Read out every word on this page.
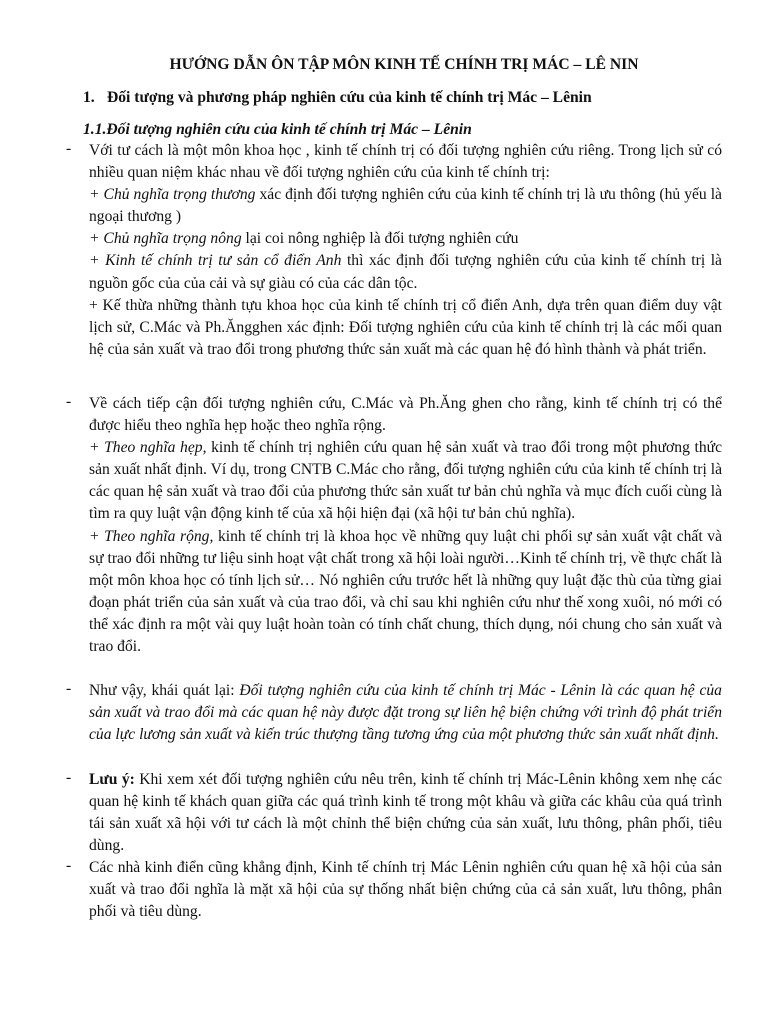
HƯỚNG DẪN ÔN TẬP MÔN KINH TẾ CHÍNH TRỊ MÁC – LÊ NIN
1. Đối tượng và phương pháp nghiên cứu của kinh tế chính trị Mác – Lênin
1.1.Đối tượng nghiên cứu của kinh tế chính trị Mác – Lênin
- Với tư cách là một môn khoa học , kinh tế chính trị có đối tượng nghiên cứu riêng. Trong lịch sử có nhiều quan niệm khác nhau về đối tượng nghiên cứu của kinh tế chính trị:
+ Chủ nghĩa trọng thương xác định đối tượng nghiên cứu của kinh tế chính trị là ưu thông (hủ yếu là ngoại thương )
+ Chủ nghĩa trọng nông lại coi nông nghiệp là đối tượng nghiên cứu
+ Kinh tế chính trị tư sản cổ điển Anh thì xác định đối tượng nghiên cứu của kinh tế chính trị là nguồn gốc của của cải và sự giàu có của các dân tộc.
+ Kế thừa những thành tựu khoa học của kinh tế chính trị cổ điển Anh, dựa trên quan điểm duy vật lịch sử, C.Mác và Ph.Ăngghen xác định: Đối tượng nghiên cứu của kinh tế chính trị là các mối quan hệ của sản xuất và trao đổi trong phương thức sản xuất mà các quan hệ đó hình thành và phát triển.
- Về cách tiếp cận đối tượng nghiên cứu, C.Mác và Ph.Ăng ghen cho rằng, kinh tế chính trị có thể được hiểu theo nghĩa hẹp hoặc theo nghĩa rộng.
+ Theo nghĩa hẹp, kinh tế chính trị nghiên cứu quan hệ sản xuất và trao đổi trong một phương thức sản xuất nhất định. Ví dụ, trong CNTB C.Mác cho rằng, đối tượng nghiên cứu của kinh tế chính trị là các quan hệ sản xuất và trao đổi của phương thức sản xuất tư bản chủ nghĩa và mục đích cuối cùng là tìm ra quy luật vận động kinh tế của xã hội hiện đại (xã hội tư bản chủ nghĩa).
+ Theo nghĩa rộng, kinh tế chính trị là khoa học về những quy luật chi phối sự sản xuất vật chất và sự trao đổi những tư liệu sinh hoạt vật chất trong xã hội loài người…Kinh tế chính trị, về thực chất là một môn khoa học có tính lịch sử… Nó nghiên cứu trước hết là những quy luật đặc thù của từng giai đoạn phát triển của sản xuất và của trao đổi, và chỉ sau khi nghiên cứu như thế xong xuôi, nó mới có thể xác định ra một vài quy luật hoàn toàn có tính chất chung, thích dụng, nói chung cho sản xuất và trao đổi.
- Như vậy, khái quát lại: Đối tượng nghiên cứu của kinh tế chính trị Mác - Lênin là các quan hệ của sản xuất và trao đổi mà các quan hệ này được đặt trong sự liên hệ biện chứng với trình độ phát triển của lực lương sản xuất và kiến trúc thượng tầng tương ứng của một phương thức sản xuất nhất định.
- Lưu ý: Khi xem xét đối tượng nghiên cứu nêu trên, kinh tế chính trị Mác-Lênin không xem nhẹ các quan hệ kinh tế khách quan giữa các quá trình kinh tế trong một khâu và giữa các khâu của quá trình tái sản xuất xã hội với tư cách là một chỉnh thể biện chứng của sản xuất, lưu thông, phân phối, tiêu dùng.
- Các nhà kinh điển cũng khẳng định, Kinh tế chính trị Mác Lênin nghiên cứu quan hệ xã hội của sản xuất và trao đổi nghĩa là mặt xã hội của sự thống nhất biện chứng của cả sản xuất, lưu thông, phân phối và tiêu dùng.
